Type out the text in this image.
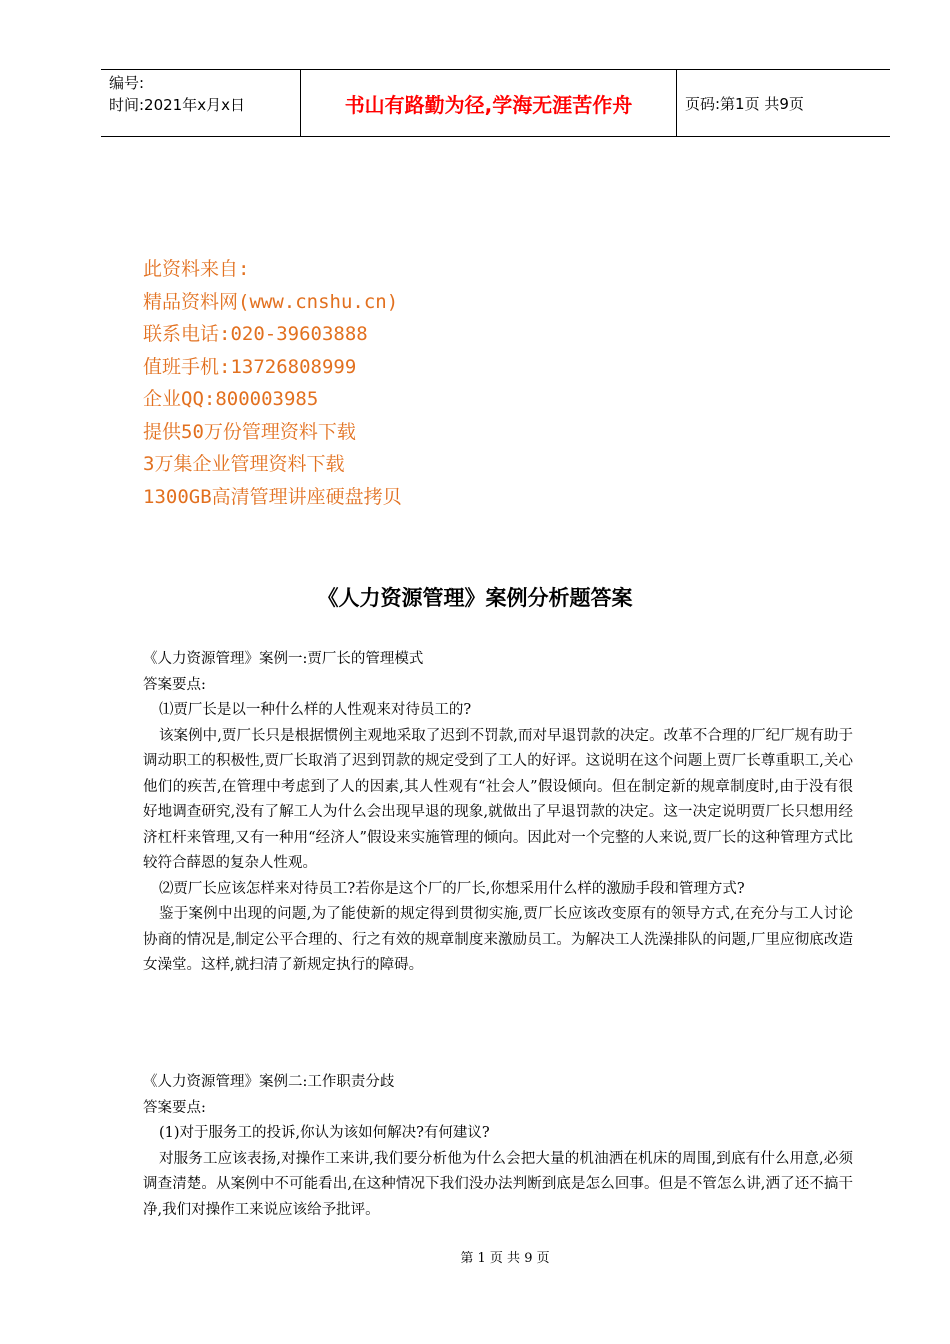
编号:
时间:2021年x月x日	书山有路勤为径,学海无涯苦作舟	页码:第1页 共9页
此资料来自:
精品资料网(www.cnshu.cn)
联系电话:020-39603888
值班手机:13726808999
企业QQ:800003985
提供50万份管理资料下载
3万集企业管理资料下载
1300GB高清管理讲座硬盘拷贝
《人力资源管理》案例分析题答案

《人力资源管理》案例一:贾厂长的管理模式

答案要点:

⑴贾厂长是以一种什么样的人性观来对待员工的?

该案例中,贾厂长只是根据惯例主观地采取了迟到不罚款,而对早退罚款的决定。改革不合理的厂纪厂规有助于调动职工的积极性,贾厂长取消了迟到罚款的规定受到了工人的好评。这说明在这个问题上贾厂长尊重职工,关心他们的疾苦,在管理中考虑到了人的因素,其人性观有“社会人”假设倾向。但在制定新的规章制度时,由于没有很好地调查研究,没有了解工人为什么会出现早退的现象,就做出了早退罚款的决定。这一决定说明贾厂长只想用经济杠杆来管理,又有一种用“经济人”假设来实施管理的倾向。因此对一个完整的人来说,贾厂长的这种管理方式比较符合薛恩的复杂人性观。

⑵贾厂长应该怎样来对待员工?若你是这个厂的厂长,你想采用什么样的激励手段和管理方式?

鉴于案例中出现的问题,为了能使新的规定得到贯彻实施,贾厂长应该改变原有的领导方式,在充分与工人讨论协商的情况是,制定公平合理的、行之有效的规章制度来激励员工。为解决工人洗澡排队的问题,厂里应彻底改造女澡堂。这样,就扫清了新规定执行的障碍。

《人力资源管理》案例二:工作职责分歧

答案要点:

(1)对于服务工的投诉,你认为该如何解决?有何建议?

对服务工应该表扬,对操作工来讲,我们要分析他为什么会把大量的机油洒在机床的周围,到底有什么用意,必须调查清楚。从案例中不可能看出,在这种情况下我们没办法判断到底是怎么回事。但是不管怎么讲,洒了还不搞干净,我们对操作工来说应该给予批评。

第 1 页 共 9 页
